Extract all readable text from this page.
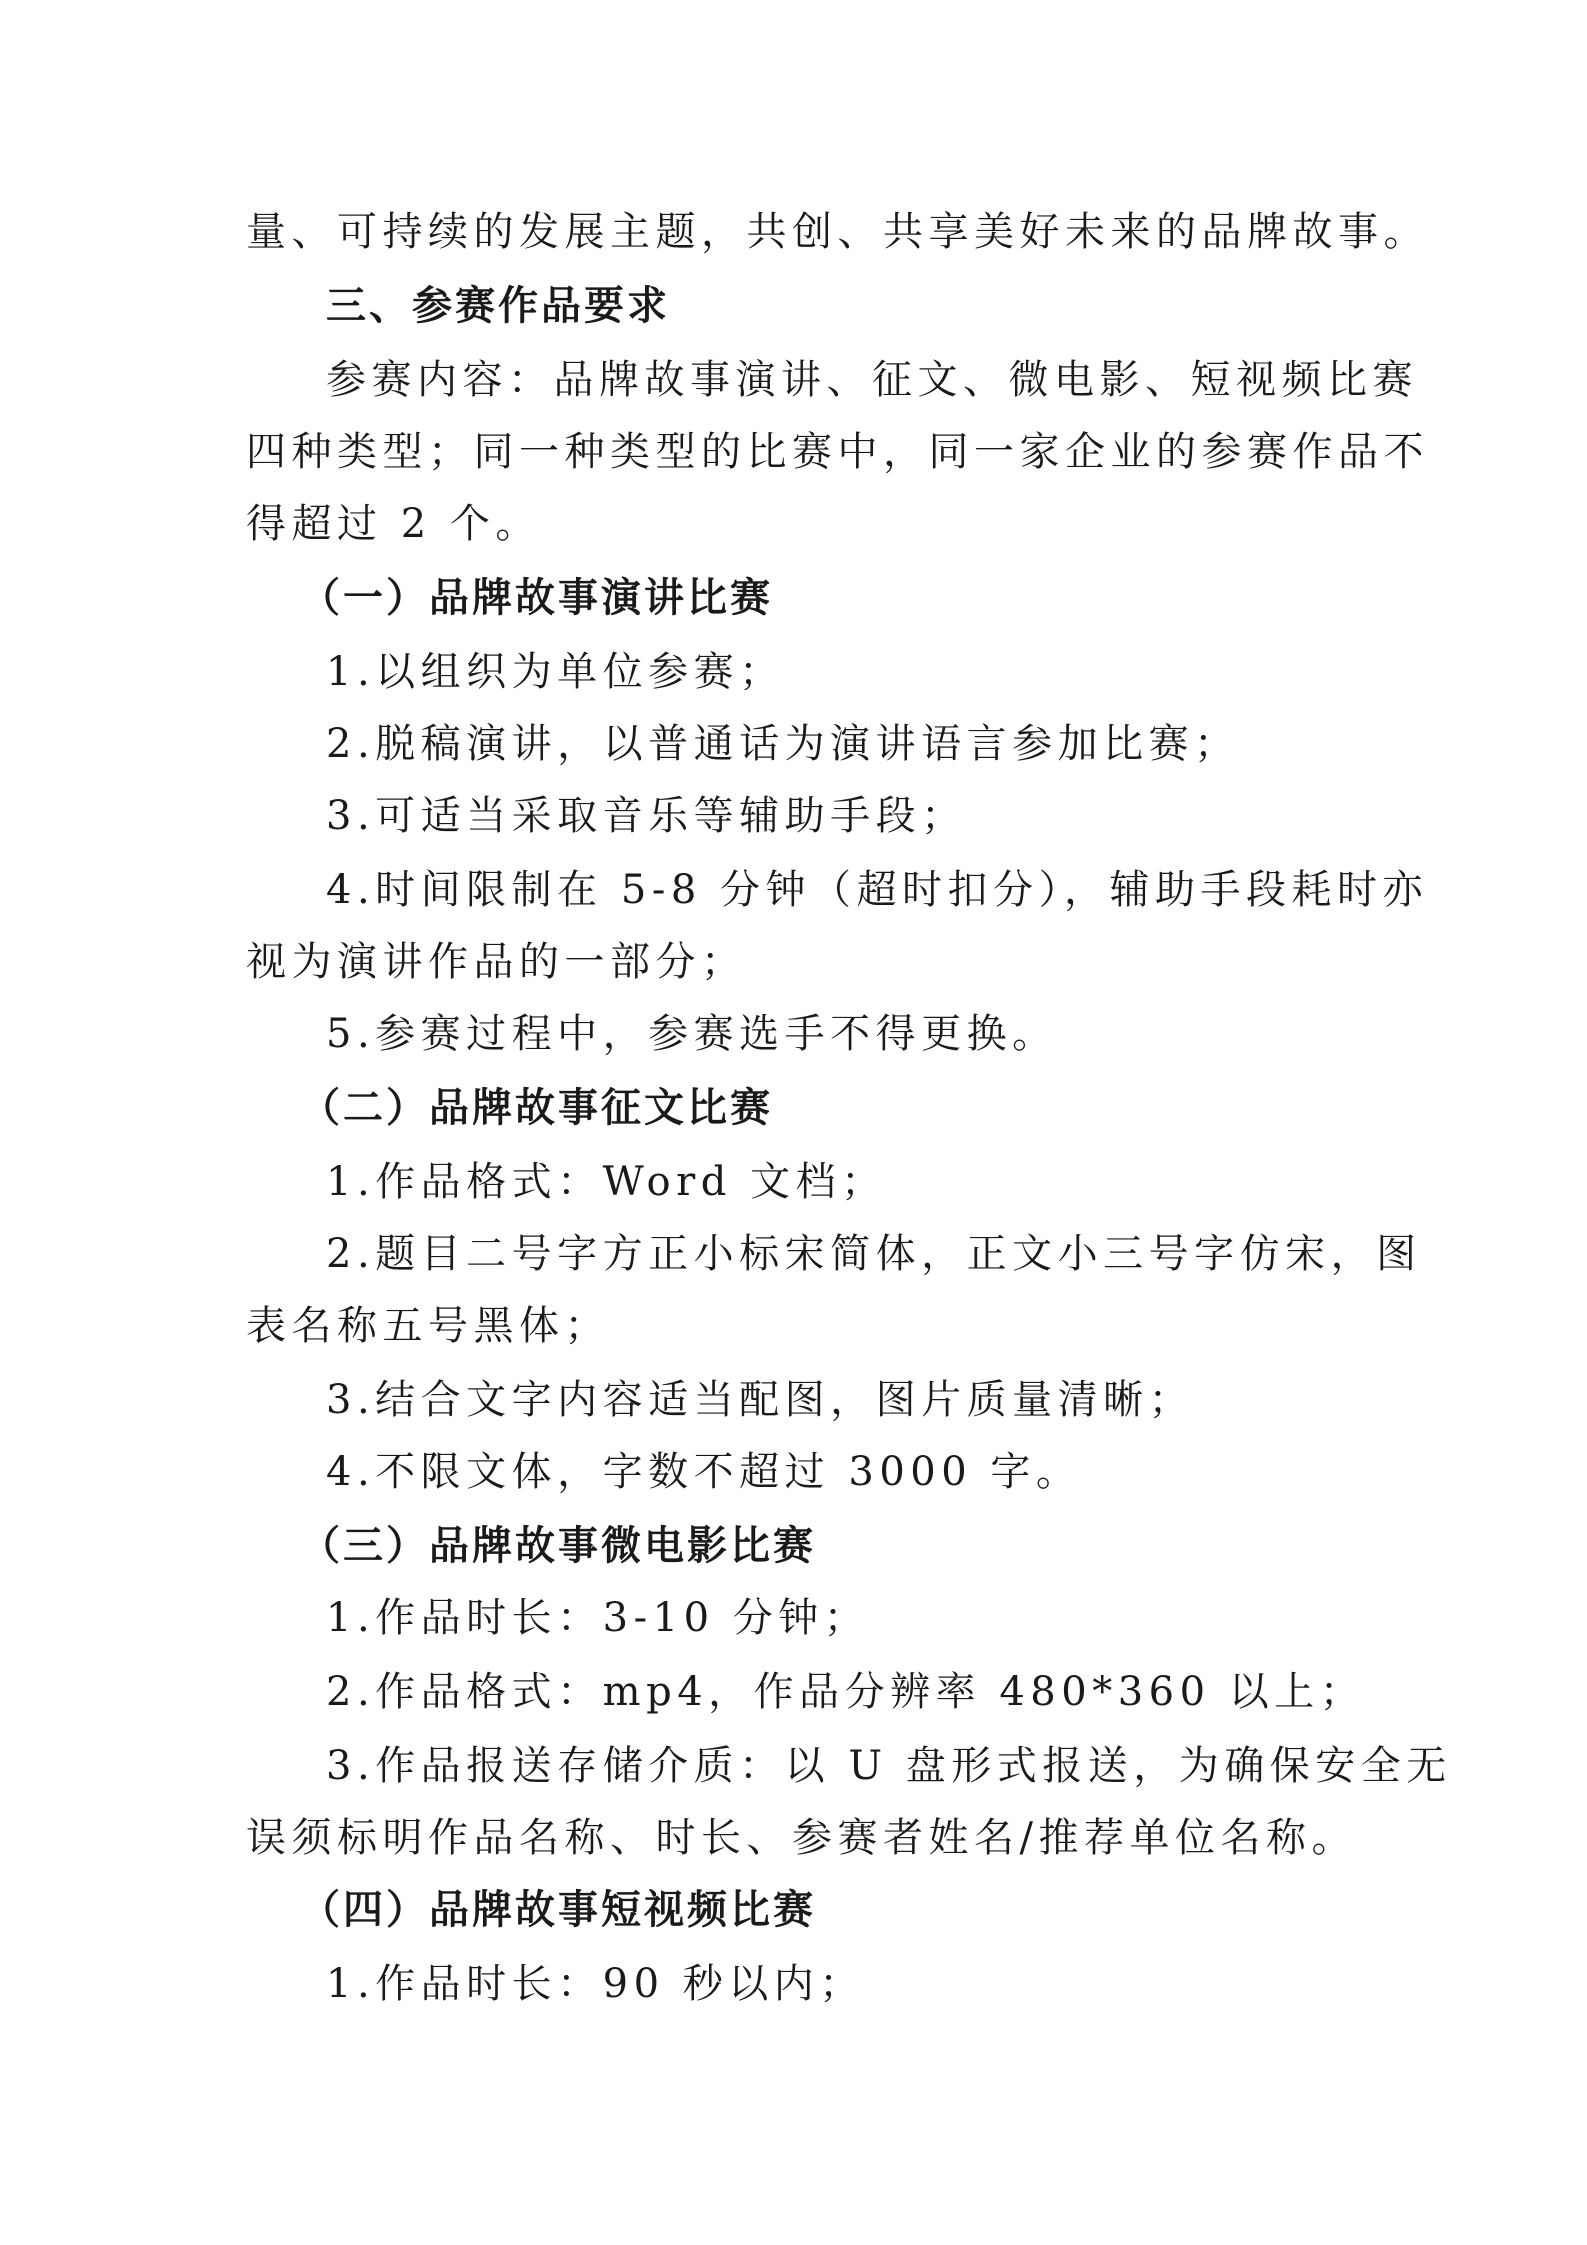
量、可持续的发展主题，共创、共享美好未来的品牌故事。
三、参赛作品要求
参赛内容：品牌故事演讲、征文、微电影、短视频比赛
四种类型；同一种类型的比赛中，同一家企业的参赛作品不
得超过 2 个。
（一）品牌故事演讲比赛
1.以组织为单位参赛；
2.脱稿演讲，以普通话为演讲语言参加比赛；
3.可适当采取音乐等辅助手段；
4.时间限制在 5-8 分钟（超时扣分），辅助手段耗时亦
视为演讲作品的一部分；
5.参赛过程中，参赛选手不得更换。
（二）品牌故事征文比赛
1.作品格式：Word 文档；
2.题目二号字方正小标宋简体，正文小三号字仿宋，图
表名称五号黑体；
3.结合文字内容适当配图，图片质量清晰；
4.不限文体，字数不超过 3000 字。
（三）品牌故事微电影比赛
1.作品时长：3-10 分钟；
2.作品格式：mp4，作品分辨率 480*360 以上；
3.作品报送存储介质：以 U 盘形式报送，为确保安全无
误须标明作品名称、时长、参赛者姓名/推荐单位名称。
（四）品牌故事短视频比赛
1.作品时长：90 秒以内；
